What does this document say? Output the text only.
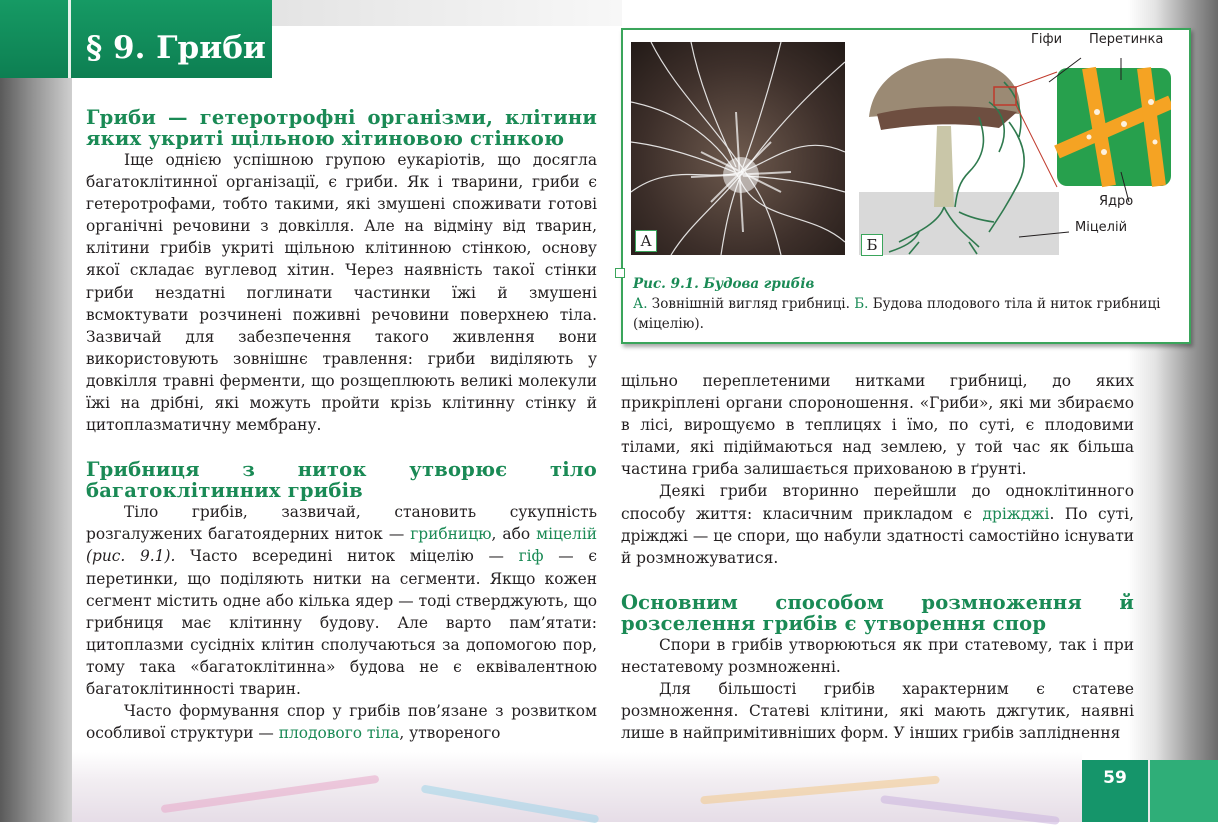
§ 9. Гриби
Гриби — гетеротрофні організми, клітини яких укриті щільною хітиновою стінкою

Іще однією успішною групою еукаріотів, що досягла багатоклітинної організації, є гриби. Як і тварини, гриби є гетеротрофами, тобто такими, які змушені споживати готові органічні речовини з довкілля. Але на відміну від тварин, клітини грибів укриті щільною клітинною стінкою, основу якої складає вуглевод хітин. Через наявність такої стінки гриби нездатні поглинати частинки їжі й змушені всмоктувати розчинені поживні речовини поверхнею тіла. Зазвичай для забезпечення такого живлення вони використовують зовнішнє травлення: гриби виділяють у довкілля травні ферменти, що розщеплюють великі молекули їжі на дрібні, які можуть пройти крізь клітинну стінку й цитоплазматичну мембрану.

Грибниця з ниток утворює тіло багатоклітинних грибів

Тіло грибів, зазвичай, становить сукупність розгалужених багатоядерних ниток — грибницю, або міцелій (рис. 9.1). Часто всередині ниток міцелію — гіф — є перетинки, що поділяють нитки на сегменти. Якщо кожен сегмент містить одне або кілька ядер — тоді стверджують, що грибниця має клітинну будову. Але варто пам’ятати: цитоплазми сусідніх клітин сполучаються за допомогою пор, тому така «багатоклітинна» будова не є еквівалентною багатоклітинності тварин.

Часто формування спор у грибів пов’язане з розвитком особливої структури — плодового тіла, утвореного

А	Б
Гіфи Перетинка
Ядро
Міцелій
Рис. 9.1. Будова грибів
А. Зовнішній вигляд грибниці. Б. Будова плодового тіла й ниток грибниці (міцелію).

щільно переплетеними нитками грибниці, до яких прикріплені органи спороношення. «Гриби», які ми збираємо в лісі, вирощуємо в теплицях і їмо, по суті, є плодовими тілами, які підіймаються над землею, у той час як більша частина гриба залишається прихованою в ґрунті.

Деякі гриби вторинно перейшли до одноклітинного способу життя: класичним прикладом є дріжджі. По суті, дріжджі — це спори, що набули здатності самостійно існувати й розмножуватися.

Основним способом розмноження й розселення грибів є утворення спор

Спори в грибів утворюються як при статевому, так і при нестатевому розмноженні.

Для більшості грибів характерним є статеве розмноження. Статеві клітини, які мають джгутик, наявні лише в найпримітивніших форм. У інших грибів запліднення

59
